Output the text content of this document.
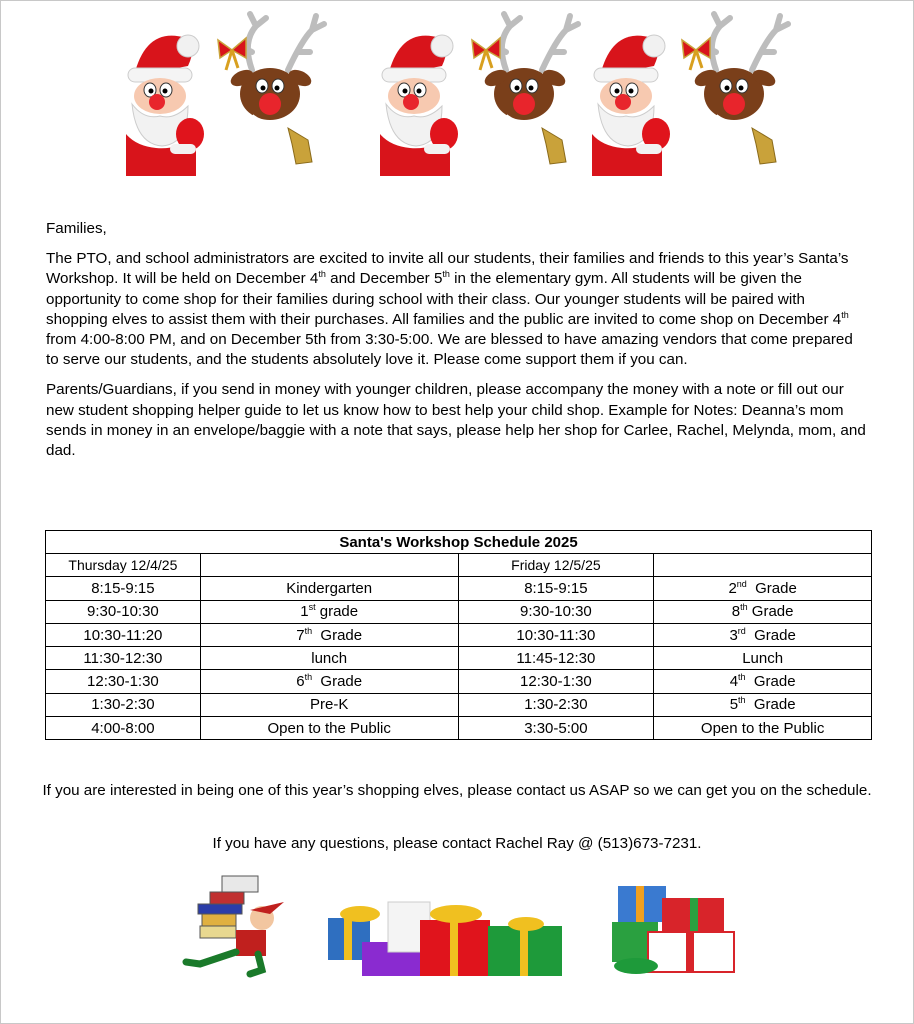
Families,

The PTO, and school administrators are excited to invite all our students, their families and friends to this year’s Santa’s Workshop. It will be held on December 4th and December 5th in the elementary gym. All students will be given the opportunity to come shop for their families during school with their class. Our younger students will be paired with shopping elves to assist them with their purchases. All families and the public are invited to come shop on December 4th from 4:00-8:00 PM, and on December 5th from 3:30-5:00. We are blessed to have amazing vendors that come prepared to serve our students, and the students absolutely love it. Please come support them if you can.

Parents/Guardians, if you send in money with younger children, please accompany the money with a note or fill out our new student shopping helper guide to let us know how to best help your child shop. Example for Notes: Deanna’s mom sends in money in an envelope/baggie with a note that says, please help her shop for Carlee, Rachel, Melynda, mom, and dad.

Santa's Workshop Schedule 2025			
Thursday 12/4/25		Friday 12/5/25	
8:15-9:15	Kindergarten	8:15-9:15	2nd  Grade
9:30-10:30	1st grade	9:30-10:30	8th Grade
10:30-11:20	7th  Grade	10:30-11:30	3rd  Grade
11:30-12:30	lunch	11:45-12:30	Lunch
12:30-1:30	6th  Grade	12:30-1:30	4th  Grade
1:30-2:30	Pre-K	1:30-2:30	5th  Grade
4:00-8:00	Open to the Public	3:30-5:00	Open to the Public
If you are interested in being one of this year’s shopping elves, please contact us ASAP so we can get you on the schedule.
If you have any questions, please contact Rachel Ray @ (513)673-7231.
